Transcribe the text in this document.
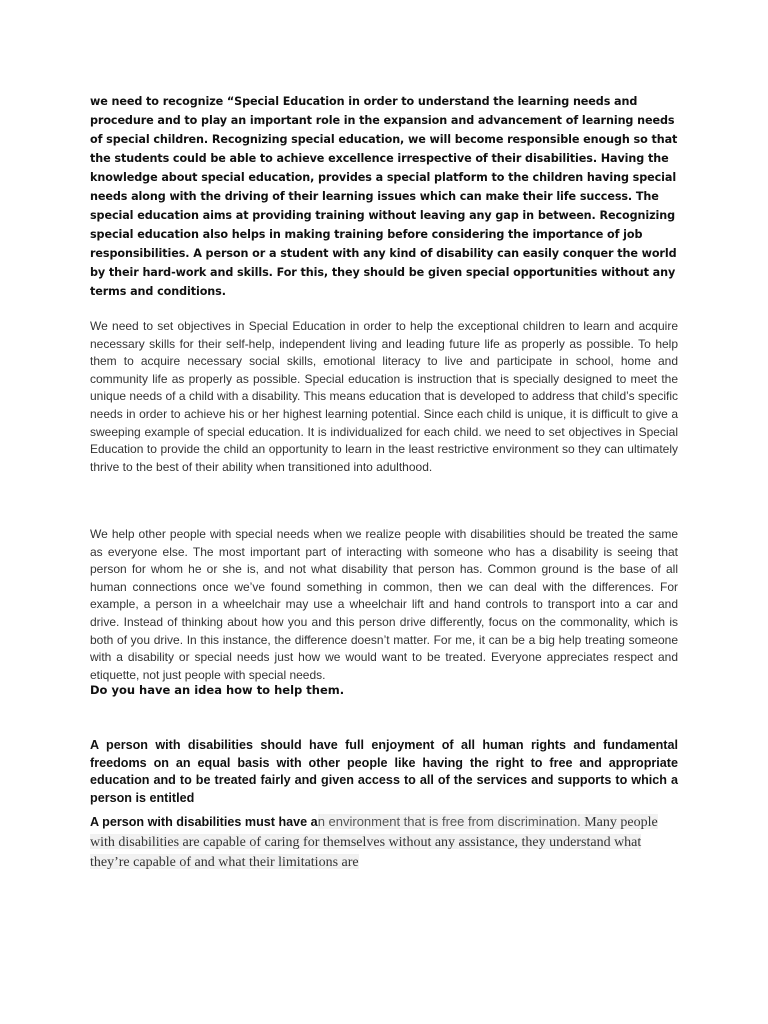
we need to recognize “Special Education in order to understand the learning needs and procedure and to play an important role in the expansion and advancement of learning needs of special children. Recognizing special education, we will become responsible enough so that the students could be able to achieve excellence irrespective of their disabilities. Having the knowledge about special education, provides a special platform to the children having special needs along with the driving of their learning issues which can make their life success. The special education aims at providing training without leaving any gap in between. Recognizing special education also helps in making training before considering the importance of job responsibilities. A person or a student with any kind of disability can easily conquer the world by their hard-work and skills. For this, they should be given special opportunities without any terms and conditions.

We need to set objectives in Special Education in order to help the exceptional children to learn and acquire necessary skills for their self-help, independent living and leading future life as properly as possible. To help them to acquire necessary social skills, emotional literacy to live and participate in school, home and community life as properly as possible. Special education is instruction that is specially designed to meet the unique needs of a child with a disability. This means education that is developed to address that child’s specific needs in order to achieve his or her highest learning potential. Since each child is unique, it is difficult to give a sweeping example of special education. It is individualized for each child. we need to set objectives in Special Education to provide the child an opportunity to learn in the least restrictive environment so they can ultimately thrive to the best of their ability when transitioned into adulthood.

We help other people with special needs when we realize people with disabilities should be treated the same as everyone else. The most important part of interacting with someone who has a disability is seeing that person for whom he or she is, and not what disability that person has. Common ground is the base of all human connections once we’ve found something in common, then we can deal with the differences. For example, a person in a wheelchair may use a wheelchair lift and hand controls to transport into a car and drive. Instead of thinking about how you and this person drive differently, focus on the commonality, which is both of you drive. In this instance, the difference doesn’t matter. For me, it can be a big help treating someone with a disability or special needs just how we would want to be treated. Everyone appreciates respect and etiquette, not just people with special needs.

Do you have an idea how to help them.

A person with disabilities should have full enjoyment of all human rights and fundamental freedoms on an equal basis with other people like having the right to free and appropriate education and to be treated fairly and given access to all of the services and supports to which a person is entitled

A person with disabilities must have an environment that is free from discrimination. Many people with disabilities are capable of caring for themselves without any assistance, they understand what they’re capable of and what their limitations are
